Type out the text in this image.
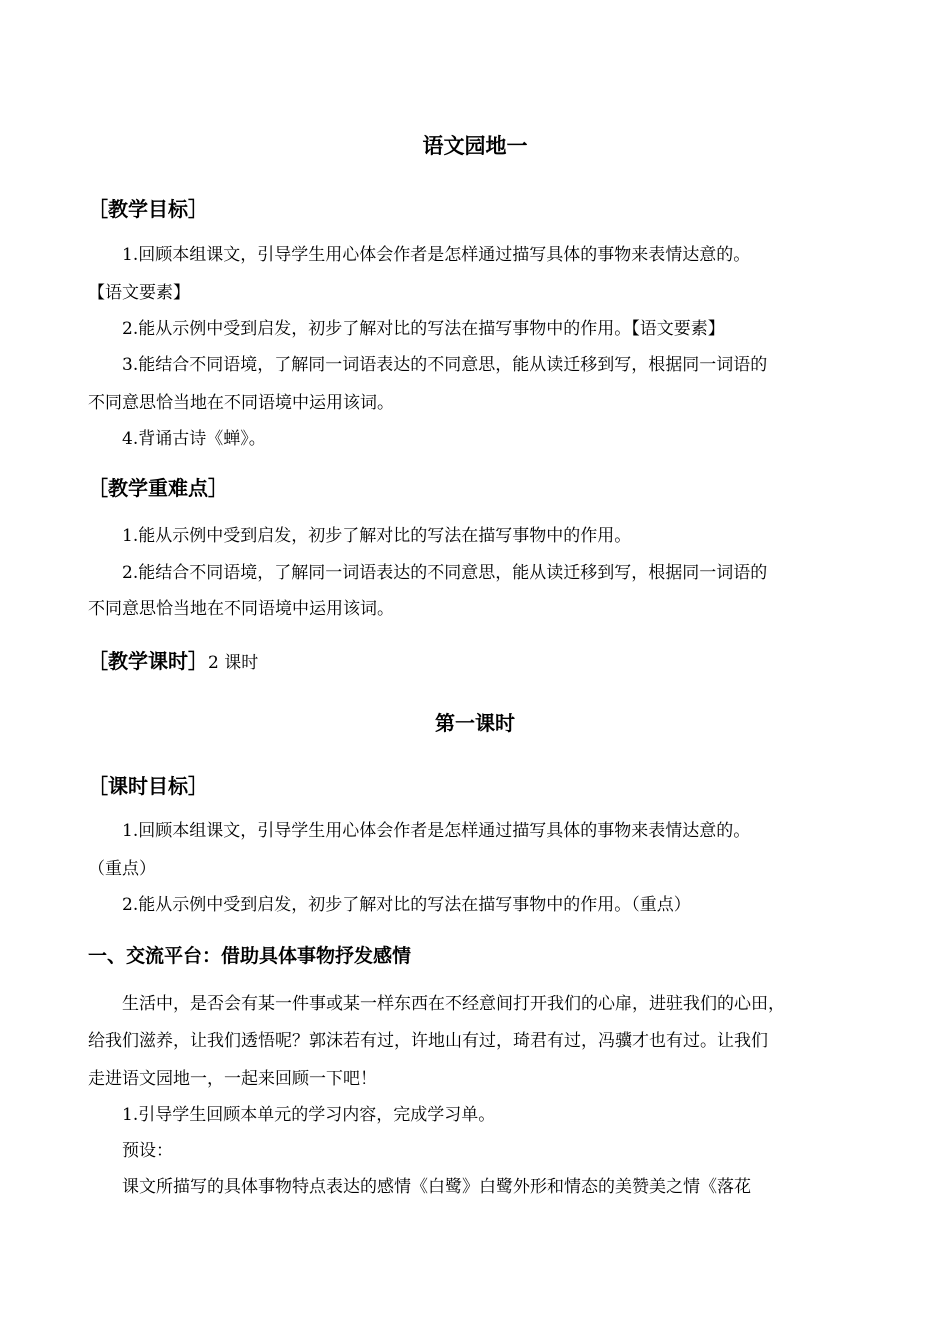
语文园地一
［教学目标］
1.回顾本组课文，引导学生用心体会作者是怎样通过描写具体的事物来表情达意的。
【语文要素】
2.能从示例中受到启发，初步了解对比的写法在描写事物中的作用。【语文要素】
3.能结合不同语境，了解同一词语表达的不同意思，能从读迁移到写，根据同一词语的
不同意思恰当地在不同语境中运用该词。
4.背诵古诗《蝉》。
［教学重难点］
1.能从示例中受到启发，初步了解对比的写法在描写事物中的作用。
2.能结合不同语境，了解同一词语表达的不同意思，能从读迁移到写，根据同一词语的
不同意思恰当地在不同语境中运用该词。
［教学课时］2 课时
第一课时
［课时目标］
1.回顾本组课文，引导学生用心体会作者是怎样通过描写具体的事物来表情达意的。
（重点）
2.能从示例中受到启发，初步了解对比的写法在描写事物中的作用。（重点）
一、交流平台：借助具体事物抒发感情
生活中，是否会有某一件事或某一样东西在不经意间打开我们的心扉，进驻我们的心田，
给我们滋养，让我们透悟呢？郭沫若有过，许地山有过，琦君有过，冯骥才也有过。让我们
走进语文园地一，一起来回顾一下吧！
1.引导学生回顾本单元的学习内容，完成学习单。
预设：
课文所描写的具体事物特点表达的感情《白鹭》白鹭外形和情态的美赞美之情《落花
